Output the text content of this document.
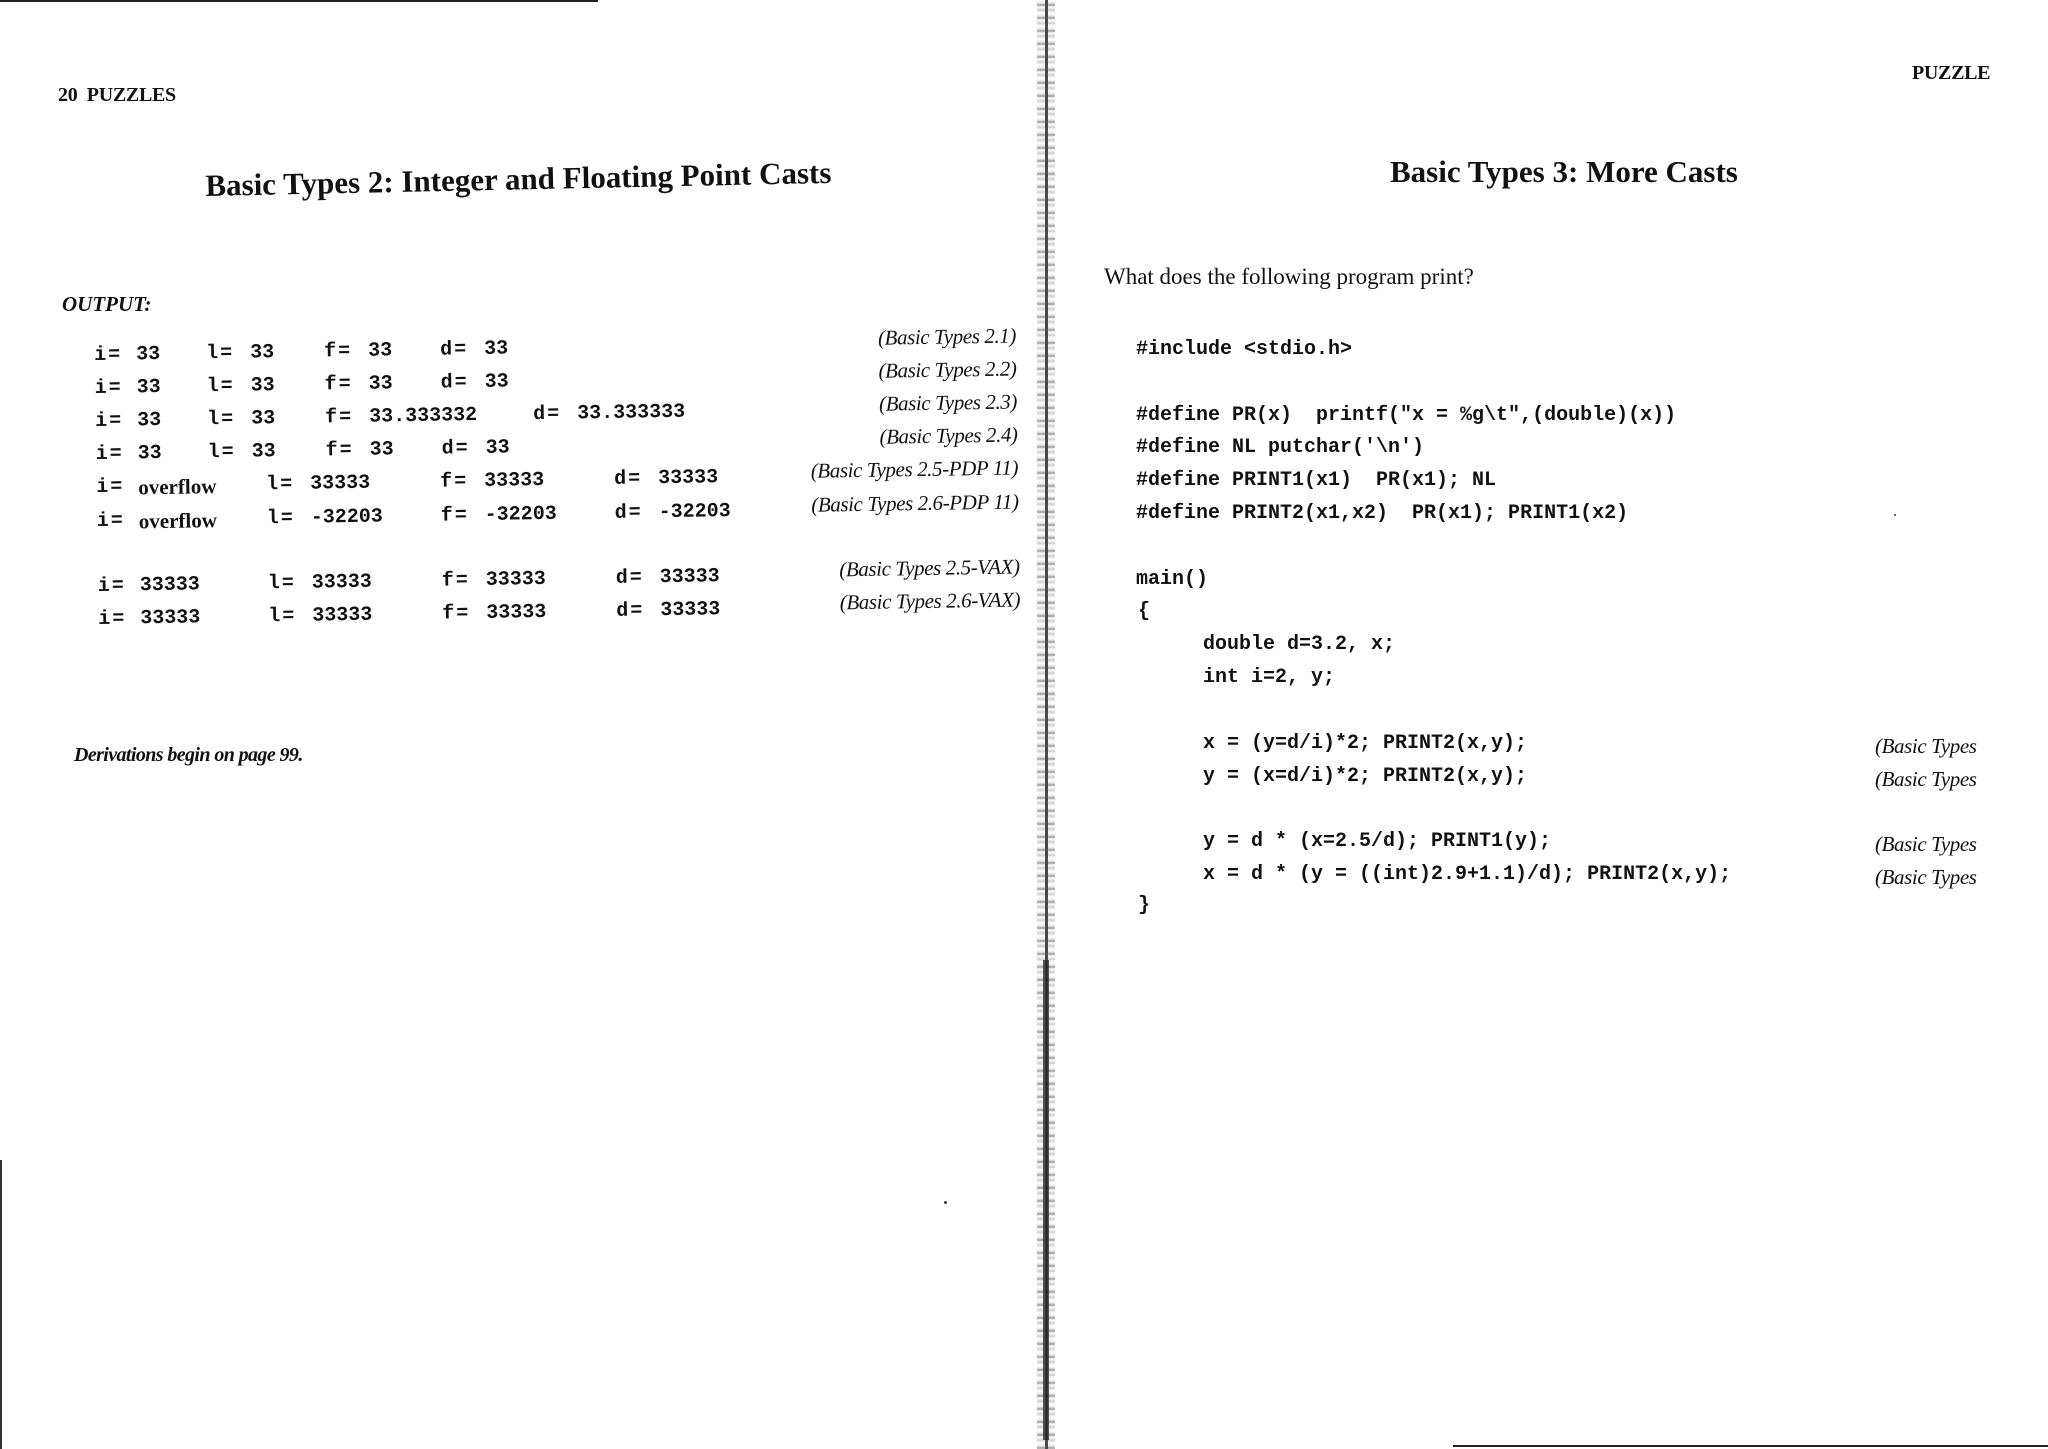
20  PUZZLES
Basic Types 2: Integer and Floating Point Casts
OUTPUT:
i = 33 l = 33 f = 33 d = 33	(Basic Types 2.1)
i = 33 l = 33 f = 33 d = 33	(Basic Types 2.2)
i = 33 l = 33 f = 33.333332	d = 33.333333	(Basic Types 2.3)
i = 33 l = 33 f = 33 d = 33	(Basic Types 2.4)
i = overflow l = 33333	f = 33333	d = 33333	(Basic Types 2.5-PDP 11)
i = overflow l = -32203	f = -32203	d = -32203	(Basic Types 2.6-PDP 11)
i = 33333	l = 33333	f = 33333	d = 33333	(Basic Types 2.5-VAX)
i = 33333	l = 33333	f = 33333	d = 33333	(Basic Types 2.6-VAX)
Derivations begin on page 99.
PUZZLE
Basic Types 3: More Casts
What does the following program print?
#include <stdio.h>
#define PR(x)  printf("x = %g\t",(double)(x))
#define NL putchar('\n')
#define PRINT1(x1)  PR(x1); NL
#define PRINT2(x1,x2)  PR(x1); PRINT1(x2)
main()
{
double d=3.2, x;
int i=2, y;
x = (y=d/i)*2; PRINT2(x,y);
y = (x=d/i)*2; PRINT2(x,y);
y = d * (x=2.5/d); PRINT1(y);
x = d * (y = ((int)2.9+1.1)/d); PRINT2(x,y);
}
(Basic Types
(Basic Types
(Basic Types
(Basic Types
